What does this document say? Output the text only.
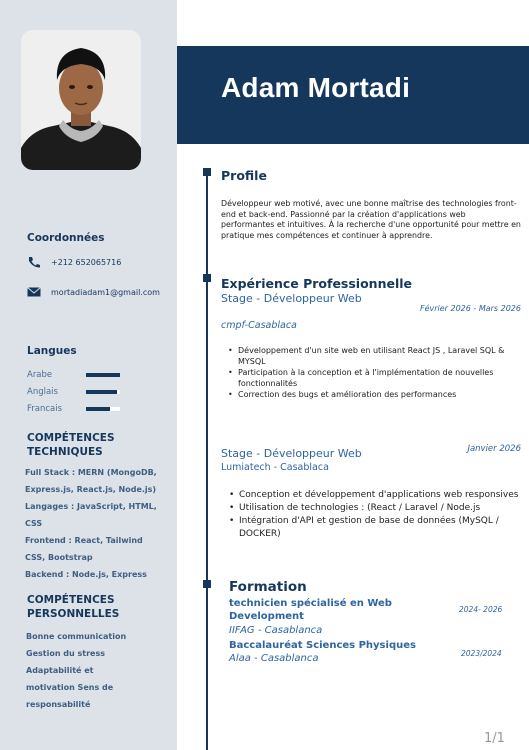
Adam Mortadi
Coordonnées
+212 652065716
mortadiadam1@gmail.com
Langues
Arabe
Anglais
Francais
COMPÉTENCES TECHNIQUES
Full Stack : MERN (MongoDB,
Express.js, React.js, Node.js)
Langages : JavaScript, HTML,
CSS
Frontend : React, Tailwind
CSS, Bootstrap
Backend : Node.js, Express
COMPÉTENCES PERSONNELLES
Bonne communication
Gestion du stress
Adaptabilité et
motivation Sens de
responsabilité
Profile
Développeur web motivé, avec une bonne maîtrise des technologies front-end et back-end. Passionné par la création d'applications web performantes et intuitives. À la recherche d'une opportunité pour mettre en pratique mes compétences et continuer à apprendre.
Expérience Professionnelle
Stage - Développeur Web
Février 2026 - Mars 2026
cmpf-Casablaca
• Développement d'un site web en utilisant React JS , Laravel SQL & MYSQL
• Participation à la conception et à l'implémentation de nouvelles fonctionnalités
• Correction des bugs et amélioration des performances
Stage - Développeur Web	Janvier 2026
Lumiatech - Casablaca
• Conception et développement d'applications web responsives
• Utilisation de technologies : (React / Laravel / Node.js
• Intégration d'API et gestion de base de données (MySQL / DOCKER)
Formation
technicien spécialisé en Web Development
2024- 2026
IIFAG - Casablanca
Baccalauréat Sciences Physiques
2023/2024
Alaa - Casablanca
1/1
